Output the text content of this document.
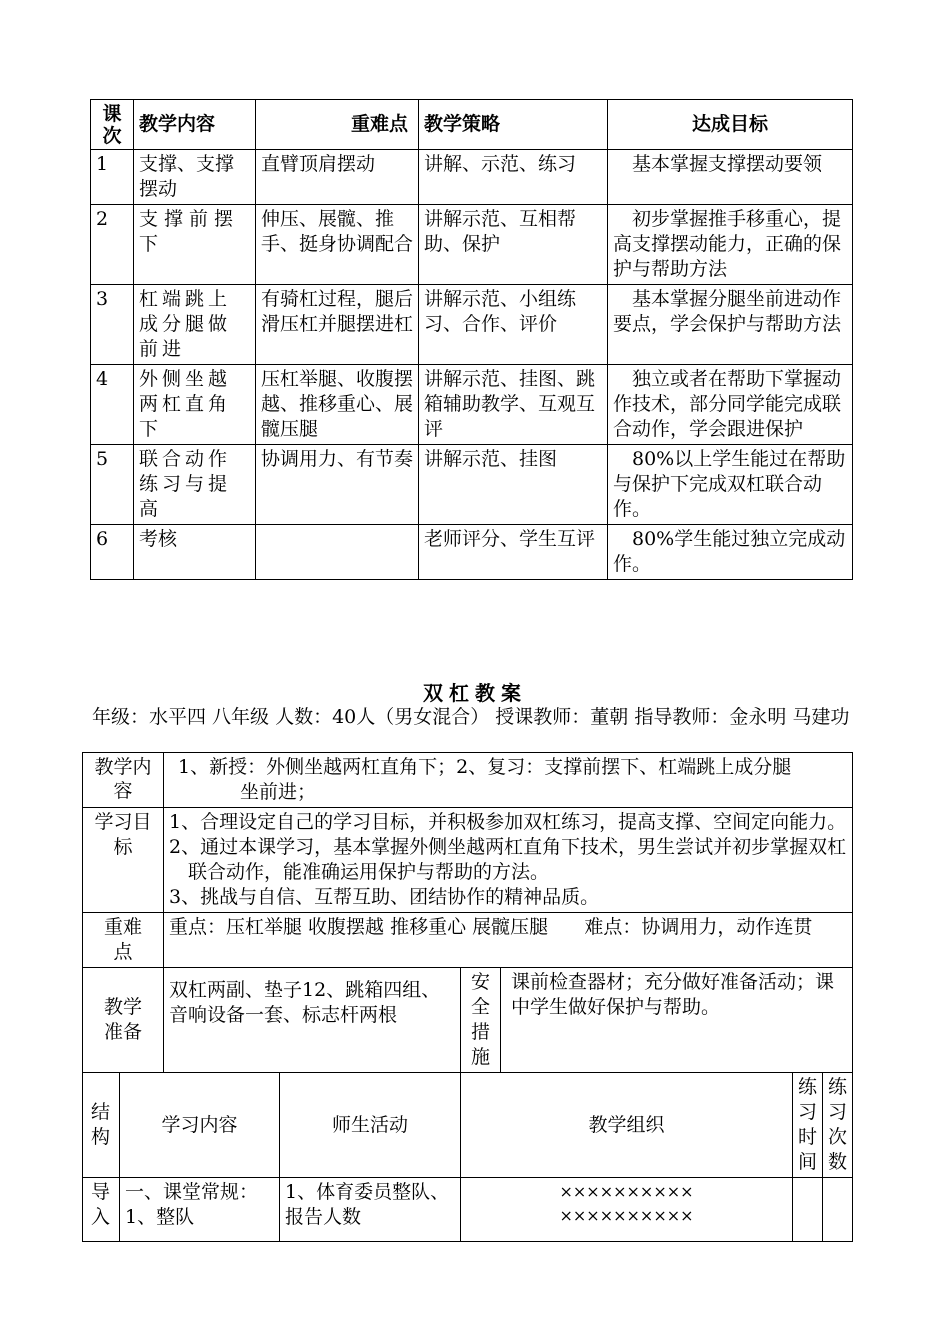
课次	教学内容	重难点	教学策略	达成目标
1	支撑、支撑摆动	直臂顶肩摆动	讲解、示范、练习	基本掌握支撑摆动要领
2	支撑前摆下	伸压、展髋、推手、挺身协调配合	讲解示范、互相帮助、保护	初步掌握推手移重心，提高支撑摆动能力，正确的保护与帮助方法
3	杠端跳上成分腿做前进	有骑杠过程，腿后滑压杠并腿摆进杠	讲解示范、小组练习、合作、评价	基本掌握分腿坐前进动作要点，学会保护与帮助方法
4	外侧坐越两杠直角下	压杠举腿、收腹摆越、推移重心、展髋压腿	讲解示范、挂图、跳箱辅助教学、互观互评	独立或者在帮助下掌握动作技术，部分同学能完成联合动作，学会跟进保护
5	联合动作练习与提高	协调用力、有节奏	讲解示范、挂图	80%以上学生能过在帮助与保护下完成双杠联合动作。
6	考核		老师评分、学生互评	80%学生能过独立完成动作。
双杠教案
年级：水平四 八年级 人数：40人（男女混合） 授课教师：董朝 指导教师：金永明 马建功
教学内容		1、新授：外侧坐越两杠直角下；2、复习：支撑前摆下、杠端跳上成分腿
坐前进；					

学习目标		1、合理设定自己的学习目标，并积极参加双杠练习，提高支撑、空间定向能力。
2、通过本课学习，基本掌握外侧坐越两杠直角下技术，男生尝试并初步掌握双杠联合动作，能准确运用保护与帮助的方法。
3、挑战与自信、互帮互助、团结协作的精神品质。					

重难点		重点：压杠举腿 收腹摆越 推移重心 展髋压腿      难点：协调用力，动作连贯					
教学准备		双杠两副、垫子12、跳箱四组、音响设备一套、标志杆两根		安全措施	课前检查器材；充分做好准备活动；课中学生做好保护与帮助。		
结构	学习内容		师生活动	教学组织		练习时间	练习次数
导入	一、课堂常规：1、整队		1、体育委员整队、报告人数	××××××××××
××××××××××			
